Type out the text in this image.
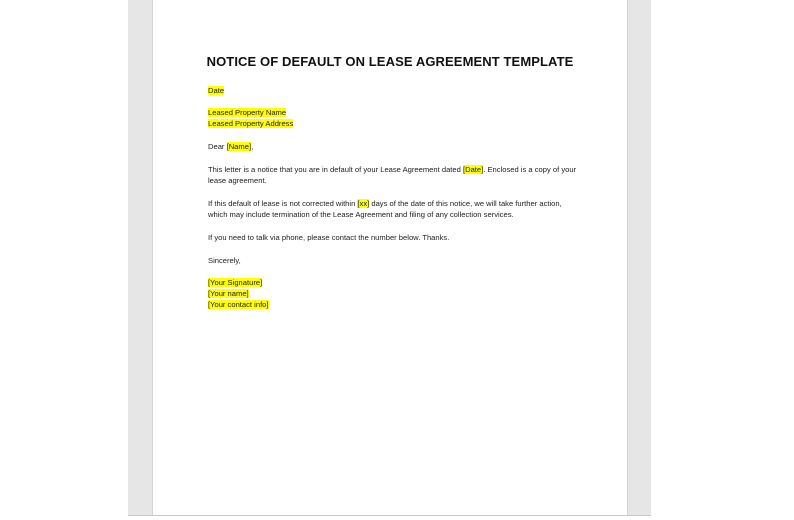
NOTICE OF DEFAULT ON LEASE AGREEMENT TEMPLATE
Date
Leased Property Name
Leased Property Address
Dear [Name],
This letter is a notice that you are in default of your Lease Agreement dated [Date]. Enclosed is a copy of your lease agreement.
If this default of lease is not corrected within [xx] days of the date of this notice, we will take further action, which may include termination of the Lease Agreement and filing of any collection services.
If you need to talk via phone, please contact the number below. Thanks.
Sincerely,
[Your Signature]
[Your name]
[Your contact info]
